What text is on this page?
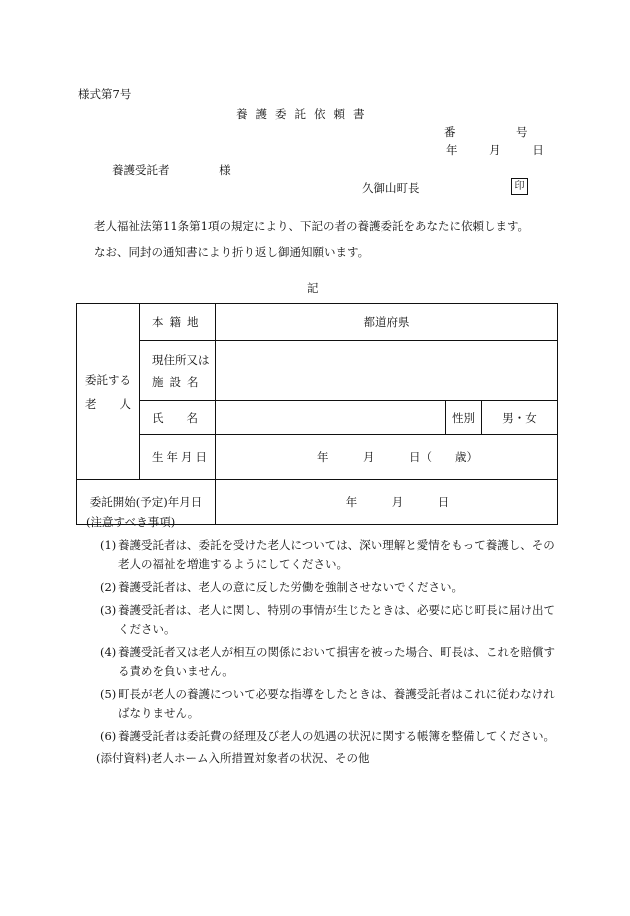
様式第7号
養護委託依頼書
番	号
年	月	日
養護受託者	様
久御山町長	印
老人福祉法第11条第1項の規定により、下記の者の養護委託をあなたに依頼します。
なお、同封の通知書により折り返し御通知願います。
記
委託する
老　　人	本籍地	都道府県		

	現住所又は
施設名			

	氏　　名		性別	男・女
	生年月日	年　　　月　　　日（　　歳）		

委託開始(予定)年月日		年　　　月　　　日		

(注意すべき事項)
(1) 養護受託者は、委託を受けた老人については、深い理解と愛情をもって養護し、その老人の福祉を増進するようにしてください。
(2) 養護受託者は、老人の意に反した労働を強制させないでください。
(3) 養護受託者は、老人に関し、特別の事情が生じたときは、必要に応じ町長に届け出てください。
(4) 養護受託者又は老人が相互の関係において損害を被った場合、町長は、これを賠償する責めを負いません。
(5) 町長が老人の養護について必要な指導をしたときは、養護受託者はこれに従わなければなりません。
(6) 養護受託者は委託費の経理及び老人の処遇の状況に関する帳簿を整備してください。
(添付資料)老人ホーム入所措置対象者の状況、その他
